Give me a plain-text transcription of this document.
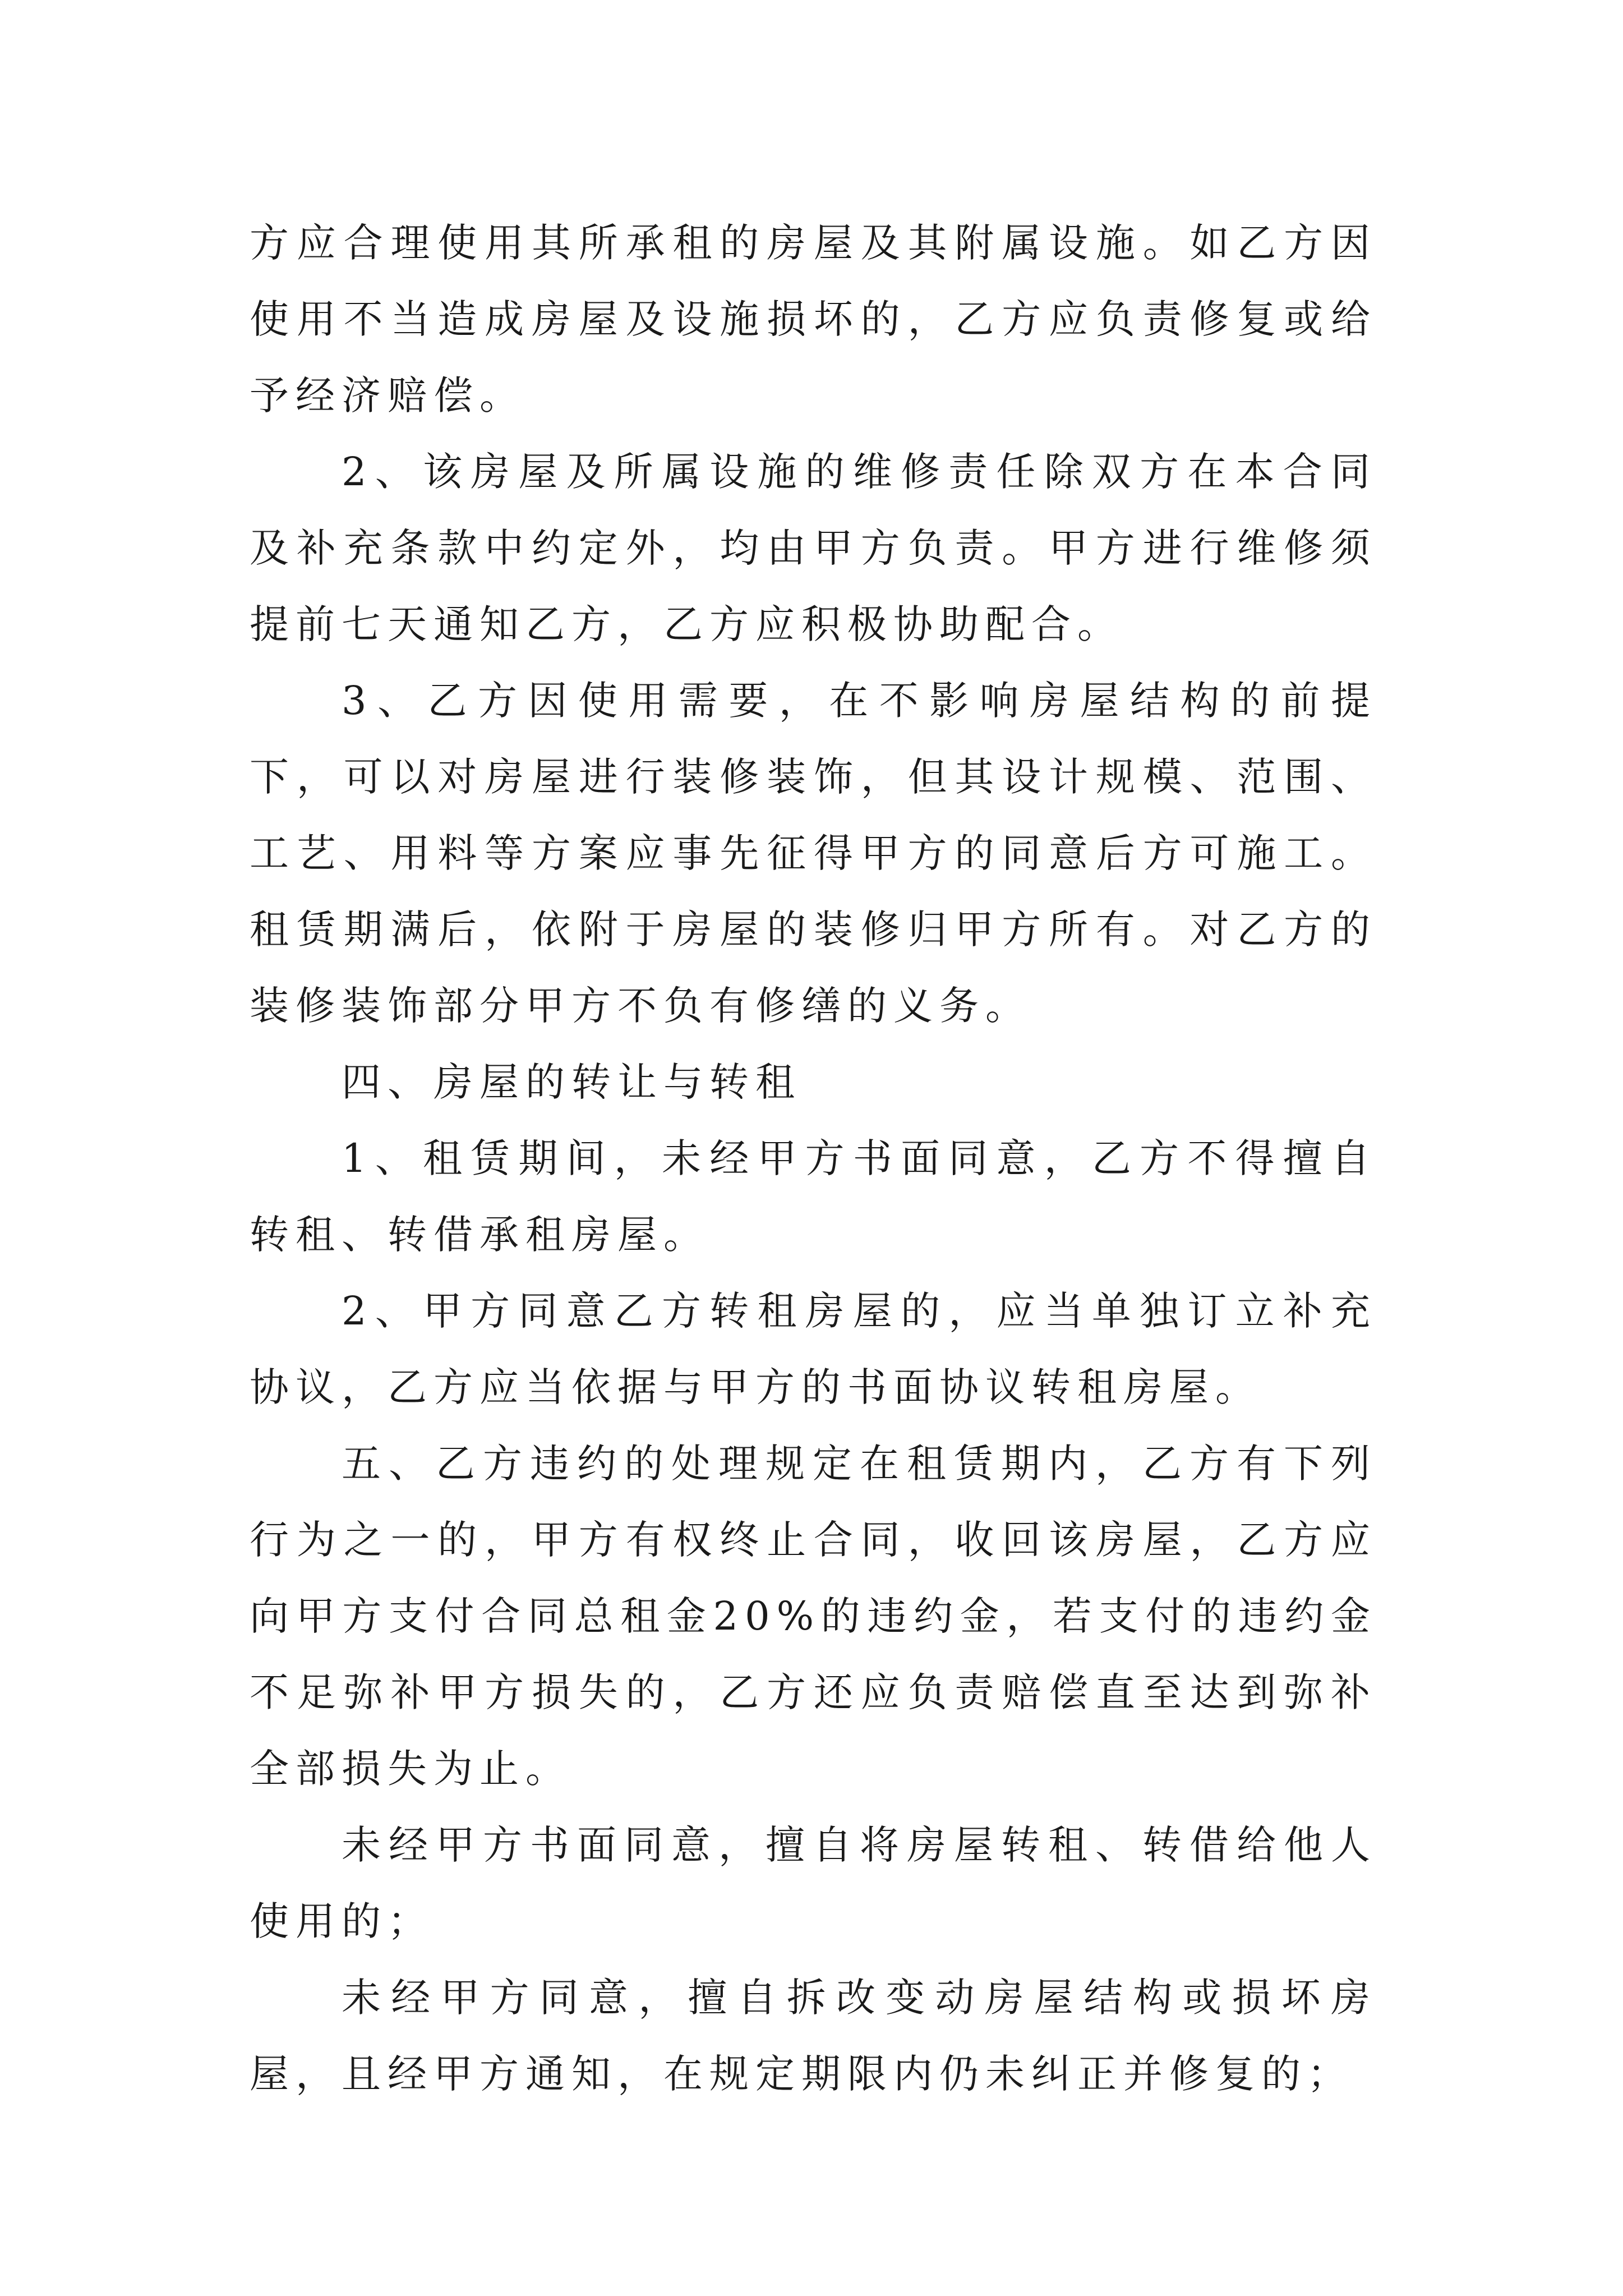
方应合理使用其所承租的房屋及其附属设施。如乙方因使用不当造成房屋及设施损坏的，乙方应负责修复或给予经济赔偿。

2、该房屋及所属设施的维修责任除双方在本合同及补充条款中约定外，均由甲方负责。甲方进行维修须提前七天通知乙方，乙方应积极协助配合。

3、乙方因使用需要，在不影响房屋结构的前提下，可以对房屋进行装修装饰，但其设计规模、范围、工艺、用料等方案应事先征得甲方的同意后方可施工。租赁期满后，依附于房屋的装修归甲方所有。对乙方的装修装饰部分甲方不负有修缮的义务。

四、房屋的转让与转租

1、租赁期间，未经甲方书面同意，乙方不得擅自转租、转借承租房屋。

2、甲方同意乙方转租房屋的，应当单独订立补充协议，乙方应当依据与甲方的书面协议转租房屋。

五、乙方违约的处理规定在租赁期内，乙方有下列行为之一的，甲方有权终止合同，收回该房屋，乙方应向甲方支付合同总租金20%的违约金，若支付的违约金不足弥补甲方损失的，乙方还应负责赔偿直至达到弥补全部损失为止。

未经甲方书面同意，擅自将房屋转租、转借给他人使用的；

未经甲方同意，擅自拆改变动房屋结构或损坏房屋，且经甲方通知，在规定期限内仍未纠正并修复的；
